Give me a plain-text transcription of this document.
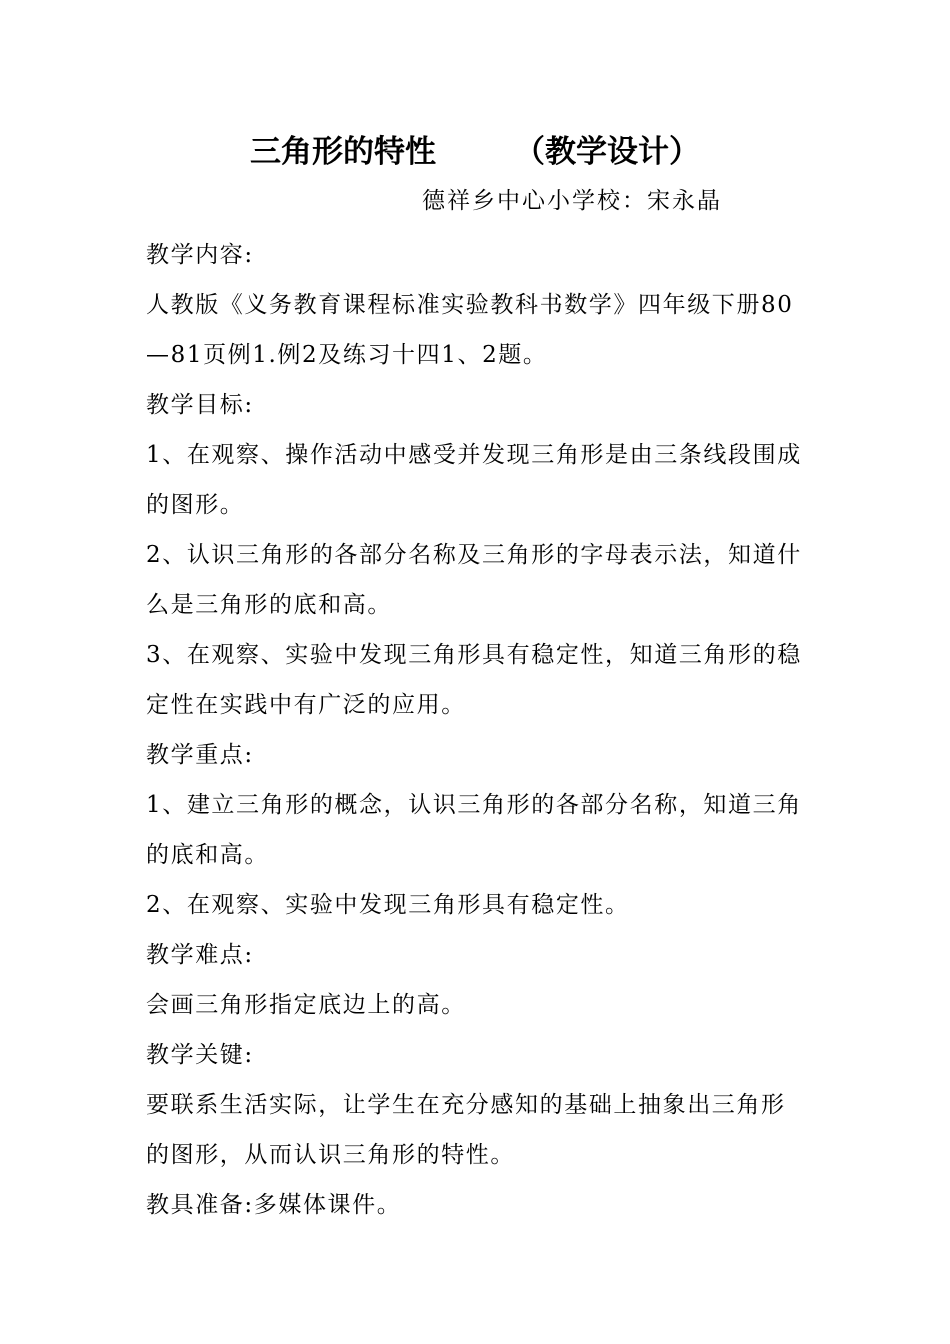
三角形的特性	（教学设计）
德祥乡中心小学校：宋永晶

教学内容:

人教版《义务教育课程标准实验教科书数学》四年级下册80—81页例1.例2及练习十四1、2题。

教学目标:

1、在观察、操作活动中感受并发现三角形是由三条线段围成的图形。

2、认识三角形的各部分名称及三角形的字母表示法，知道什么是三角形的底和高。

3、在观察、实验中发现三角形具有稳定性，知道三角形的稳定性在实践中有广泛的应用。

教学重点:

1、建立三角形的概念，认识三角形的各部分名称，知道三角的底和高。

2、在观察、实验中发现三角形具有稳定性。

教学难点:

会画三角形指定底边上的高。

教学关键:

要联系生活实际，让学生在充分感知的基础上抽象出三角形的图形，从而认识三角形的特性。

教具准备:多媒体课件。
